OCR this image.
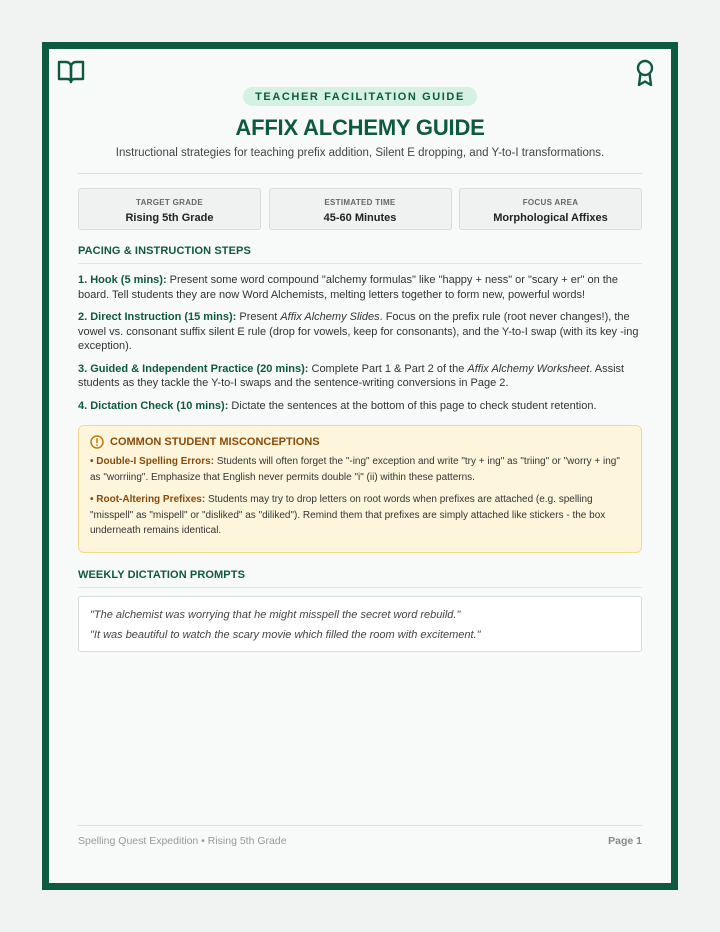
TEACHER FACILITATION GUIDE
AFFIX ALCHEMY GUIDE
Instructional strategies for teaching prefix addition, Silent E dropping, and Y-to-I transformations.
TARGET GRADE
Rising 5th Grade
ESTIMATED TIME
45-60 Minutes
FOCUS AREA
Morphological Affixes
PACING & INSTRUCTION STEPS

1. Hook (5 mins): Present some word compound "alchemy formulas" like "happy + ness" or "scary + er" on the board. Tell students they are now Word Alchemists, melting letters together to form new, powerful words!

2. Direct Instruction (15 mins): Present Affix Alchemy Slides. Focus on the prefix rule (root never changes!), the vowel vs. consonant suffix silent E rule (drop for vowels, keep for consonants), and the Y-to-I swap (with its key -ing exception).

3. Guided & Independent Practice (20 mins): Complete Part 1 & Part 2 of the Affix Alchemy Worksheet. Assist students as they tackle the Y-to-I swaps and the sentence-writing conversions in Page 2.

4. Dictation Check (10 mins): Dictate the sentences at the bottom of this page to check student retention.

COMMON STUDENT MISCONCEPTIONS

• Double-I Spelling Errors: Students will often forget the "-ing" exception and write "try + ing" as "triing" or "worry + ing" as "worriing". Emphasize that English never permits double "i" (ii) within these patterns.

• Root-Altering Prefixes: Students may try to drop letters on root words when prefixes are attached (e.g. spelling "misspell" as "mispell" or "disliked" as "diliked"). Remind them that prefixes are simply attached like stickers - the box underneath remains identical.

WEEKLY DICTATION PROMPTS
"The alchemist was worrying that he might misspell the secret word rebuild."
"It was beautiful to watch the scary movie which filled the room with excitement."
Spelling Quest Expedition • Rising 5th Grade	Page 1
